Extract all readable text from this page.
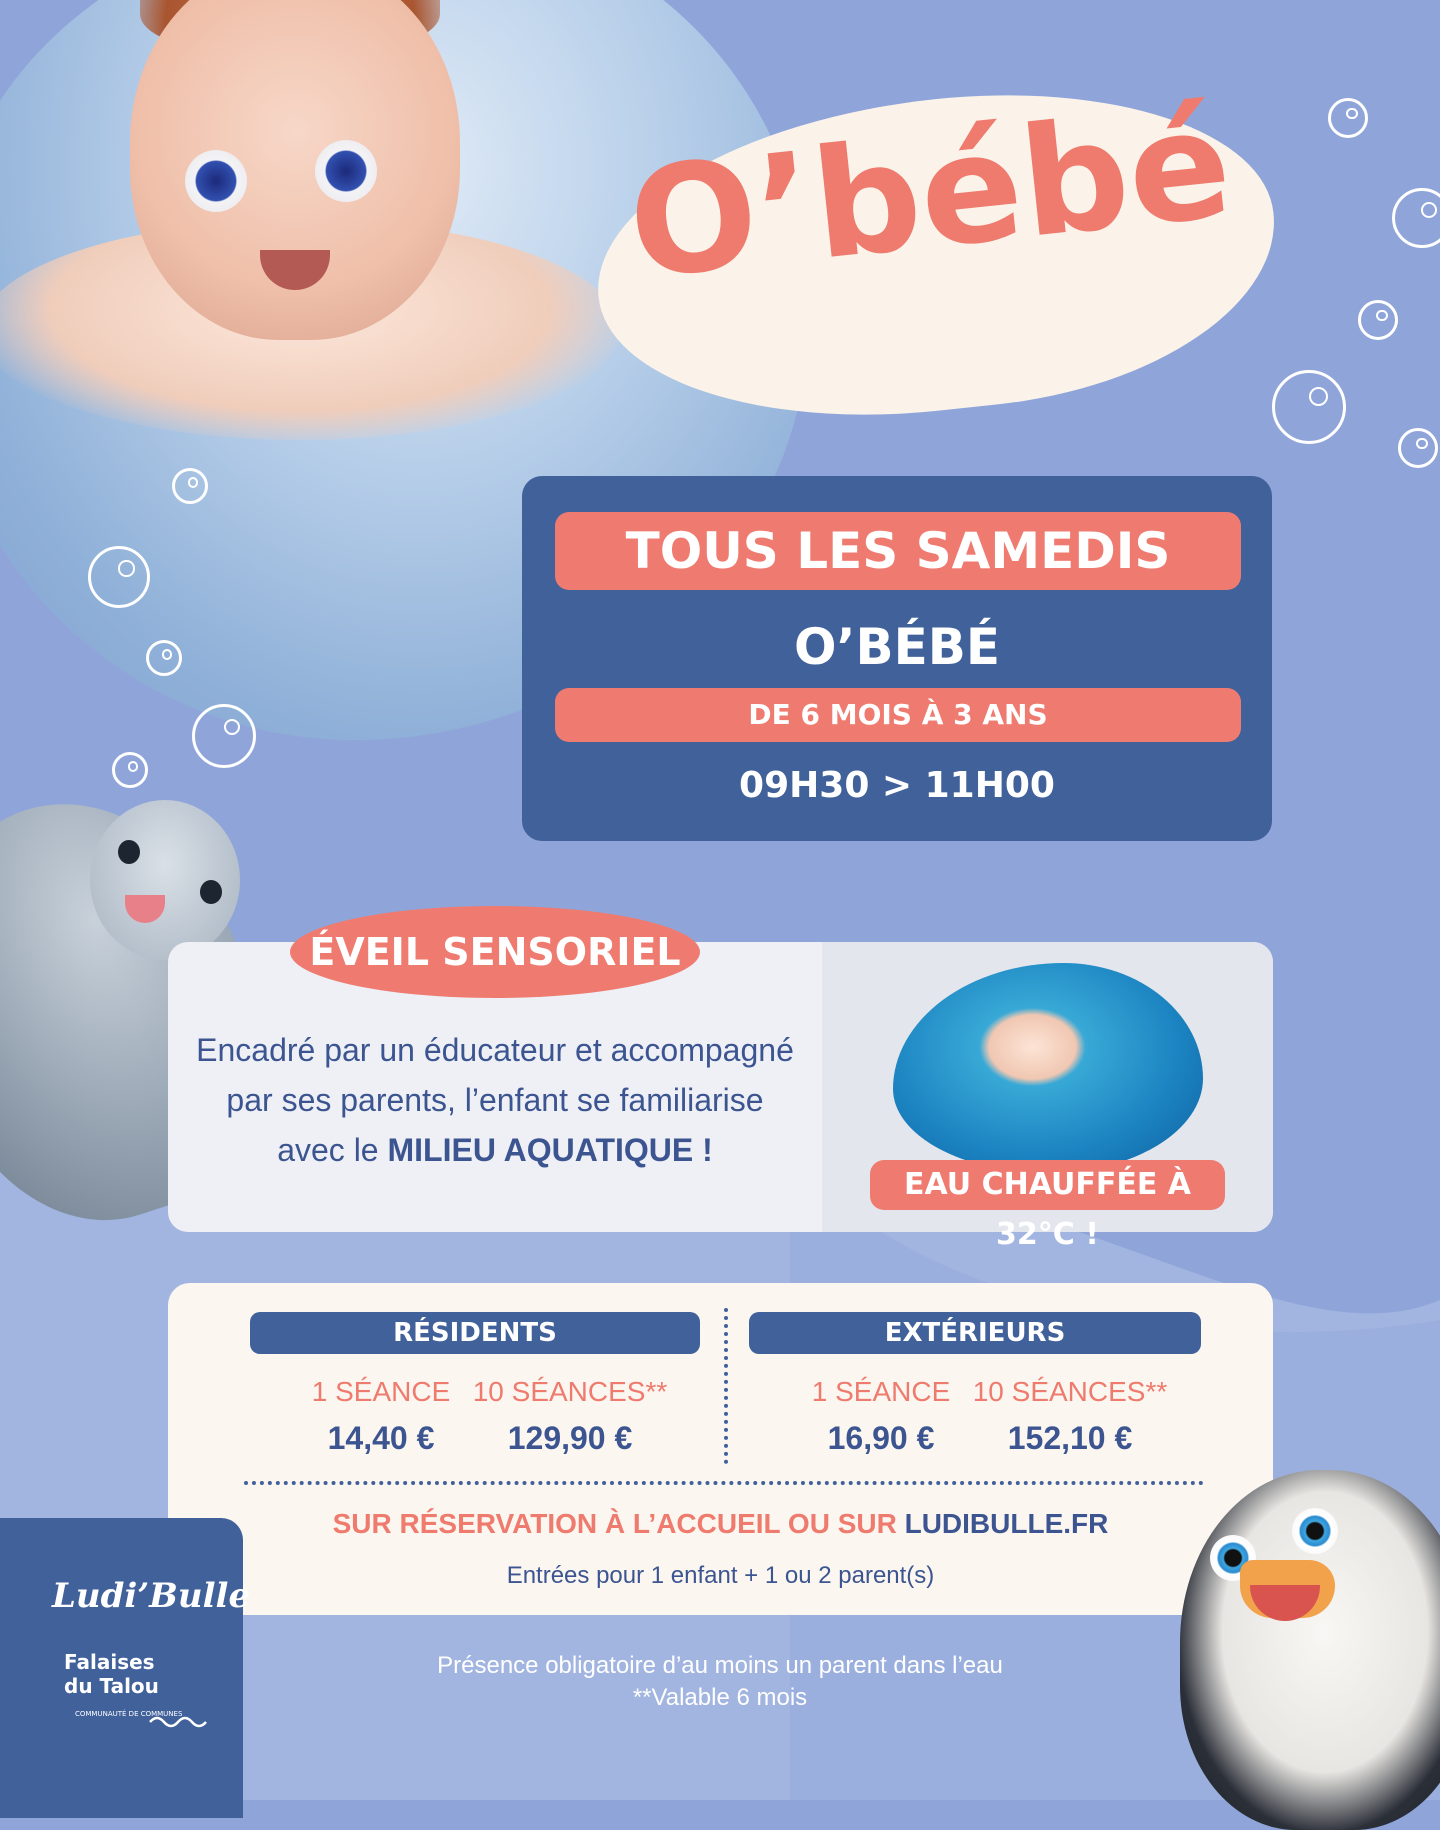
O’bébé
TOUS LES SAMEDIS
O’BÉBÉ
DE 6 MOIS À 3 ANS
09H30 > 11H00
ÉVEIL SENSORIEL
Encadré par un éducateur et accompagné par ses parents, l’enfant se familiarise avec le MILIEU AQUATIQUE !
EAU CHAUFFÉE À 32°C !
RÉSIDENTS	EXTÉRIEURS
1 SÉANCE
14,40 €
10 SÉANCES**
129,90 €
1 SÉANCE
16,90 €
10 SÉANCES**
152,10 €
SUR RÉSERVATION À L’ACCUEIL OU SUR LUDIBULLE.FR
Entrées pour 1 enfant + 1 ou 2 parent(s)
Ludi’Bulle
Falaises
du Talou
COMMUNAUTÉ DE COMMUNES
Présence obligatoire d’au moins un parent dans l’eau
**Valable 6 mois
